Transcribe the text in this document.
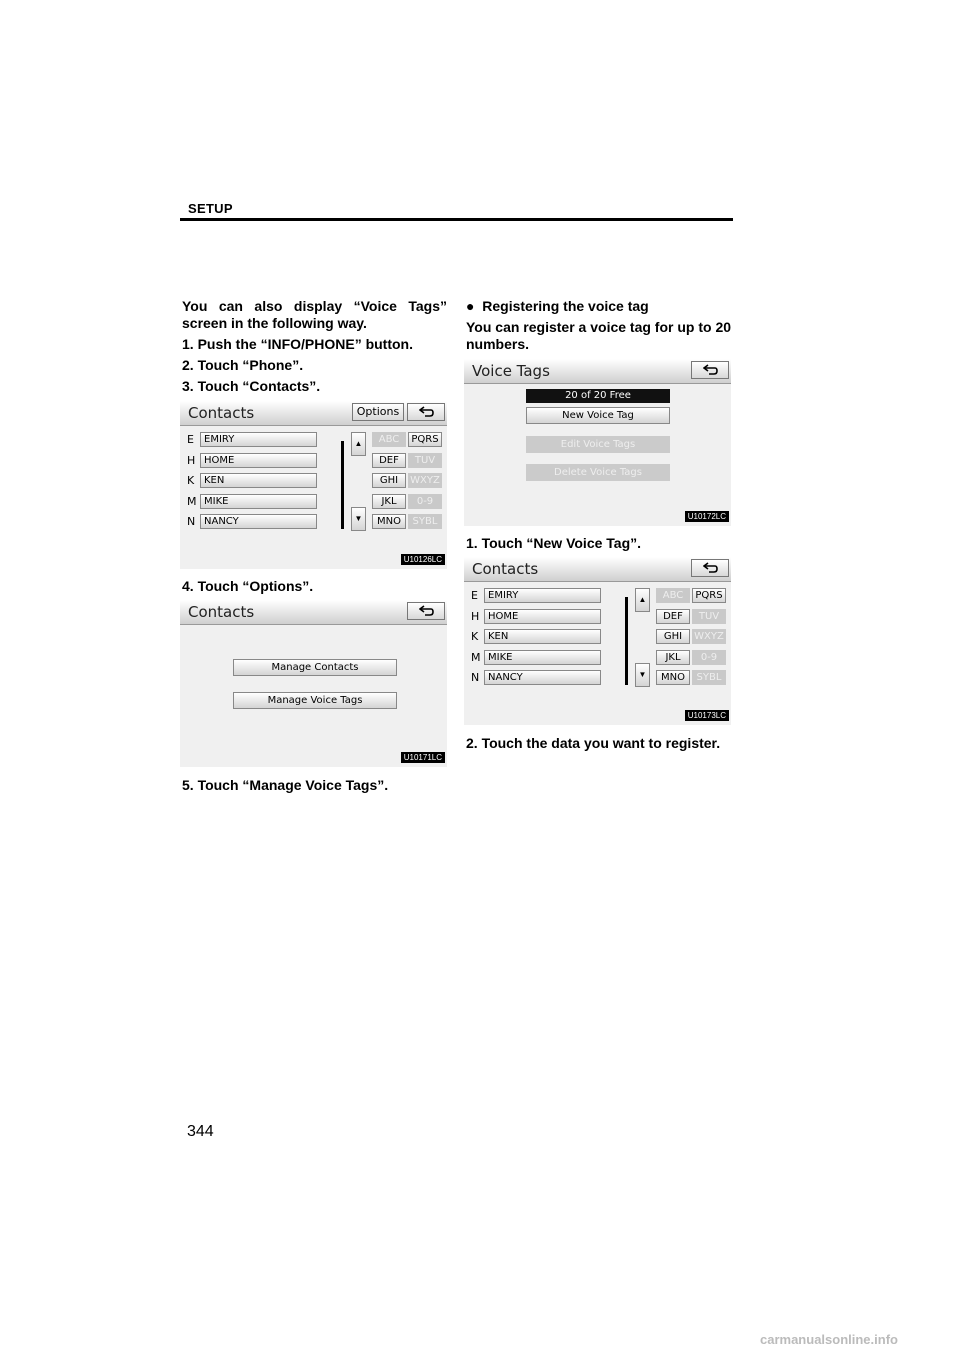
SETUP
You can also display “Voice Tags” screen in the following way.
1. Push the “INFO/PHONE” button.
2. Touch “Phone”.
3. Touch “Contacts”.
Contacts	Options
E
H
K
M
N
EMIRY
HOME
KEN
MIKE
NANCY
▲
▼
ABC
DEF
GHI
JKL
MNO
PQRS
TUV
WXYZ
0-9
SYBL
U10126LC
4. Touch “Options”.
Contacts
Manage Contacts
Manage Voice Tags
U10171LC
5. Touch “Manage Voice Tags”.
● Registering the voice tag
You can register a voice tag for up to 20 numbers.
Voice Tags
20 of 20 Free
New Voice Tag
Edit Voice Tags
Delete Voice Tags
U10172LC
1. Touch “New Voice Tag”.
Contacts
E
H
K
M
N
EMIRY
HOME
KEN
MIKE
NANCY
▲
▼
ABC
DEF
GHI
JKL
MNO
PQRS
TUV
WXYZ
0-9
SYBL
U10173LC
2. Touch the data you want to register.
344
carmanualsonline.info
